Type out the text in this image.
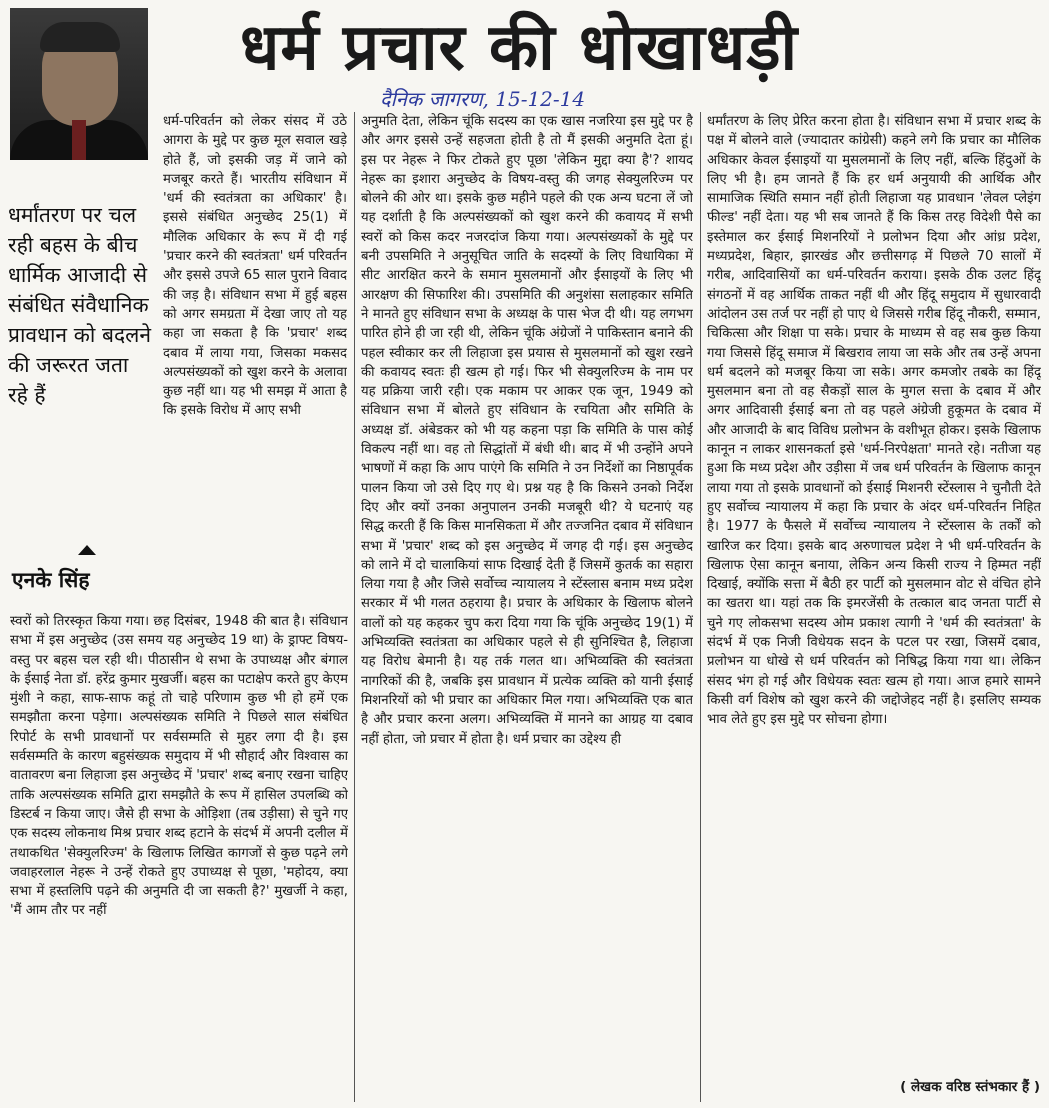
धर्म प्रचार की धोखाधड़ी
दैनिक जागरण, 15-12-14
धर्मांतरण पर चल रही बहस के बीच धार्मिक आजादी से संबंधित संवैधानिक प्रावधान को बदलने की जरूरत जता रहे हैं
एनके सिंह

धर्म-परिवर्तन को लेकर संसद में उठे आगरा के मुद्दे पर कुछ मूल सवाल खड़े होते हैं, जो इसकी जड़ में जाने को मजबूर करते हैं। भारतीय संविधान में 'धर्म की स्वतंत्रता का अधिकार' है। इससे संबंधित अनुच्छेद 25(1) में मौलिक अधिकार के रूप में दी गई 'प्रचार करने की स्वतंत्रता' धर्म परिवर्तन और इससे उपजे 65 साल पुराने विवाद की जड़ है। संविधान सभा में हुई बहस को अगर समग्रता में देखा जाए तो यह कहा जा सकता है कि 'प्रचार' शब्द दबाव में लाया गया, जिसका मकसद अल्पसंख्यकों को खुश करने के अलावा कुछ नहीं था। यह भी समझ में आता है कि इसके विरोध में आए सभी

स्वरों को तिरस्कृत किया गया। छह दिसंबर, 1948 की बात है। संविधान सभा में इस अनुच्छेद (उस समय यह अनुच्छेद 19 था) के ड्राफ्ट विषय-वस्तु पर बहस चल रही थी। पीठासीन थे सभा के उपाध्यक्ष और बंगाल के ईसाई नेता डॉ. हरेंद्र कुमार मुखर्जी। बहस का पटाक्षेप करते हुए केएम मुंशी ने कहा, साफ-साफ कहूं तो चाहे परिणाम कुछ भी हो हमें एक समझौता करना पड़ेगा। अल्पसंख्यक समिति ने पिछले साल संबंधित रिपोर्ट के सभी प्रावधानों पर सर्वसम्मति से मुहर लगा दी है। इस सर्वसम्मति के कारण बहुसंख्यक समुदाय में भी सौहार्द और विश्वास का वातावरण बना लिहाजा इस अनुच्छेद में 'प्रचार' शब्द बनाए रखना चाहिए ताकि अल्पसंख्यक समिति द्वारा समझौते के रूप में हासिल उपलब्धि को डिस्टर्ब न किया जाए। जैसे ही सभा के ओड़िशा (तब उड़ीसा) से चुने गए एक सदस्य लोकनाथ मिश्र प्रचार शब्द हटाने के संदर्भ में अपनी दलील में तथाकथित 'सेक्युलरिज्म' के खिलाफ लिखित कागजों से कुछ पढ़ने लगे जवाहरलाल नेहरू ने उन्हें रोकते हुए उपाध्यक्ष से पूछा, 'महोदय, क्या सभा में हस्तलिपि पढ़ने की अनुमति दी जा सकती है?' मुखर्जी ने कहा, 'मैं आम तौर पर नहीं

अनुमति देता, लेकिन चूंकि सदस्य का एक खास नजरिया इस मुद्दे पर है और अगर इससे उन्हें सहजता होती है तो मैं इसकी अनुमति देता हूं। इस पर नेहरू ने फिर टोकते हुए पूछा 'लेकिन मुद्दा क्या है'? शायद नेहरू का इशारा अनुच्छेद के विषय-वस्तु की जगह सेक्युलरिज्म पर बोलने की ओर था। इसके कुछ महीने पहले की एक अन्य घटना लें जो यह दर्शाती है कि अल्पसंख्यकों को खुश करने की कवायद में सभी स्वरों को किस कदर नजरदांज किया गया। अल्पसंख्यकों के मुद्दे पर बनी उपसमिति ने अनुसूचित जाति के सदस्यों के लिए विधायिका में सीट आरक्षित करने के समान मुसलमानों और ईसाइयों के लिए भी आरक्षण की सिफारिश की। उपसमिति की अनुशंसा सलाहकार समिति ने मानते हुए संविधान सभा के अध्यक्ष के पास भेज दी थी। यह लगभग पारित होने ही जा रही थी, लेकिन चूंकि अंग्रेजों ने पाकिस्तान बनाने की पहल स्वीकार कर ली लिहाजा इस प्रयास से मुसलमानों को खुश रखने की कवायद स्वतः ही खत्म हो गई। फिर भी सेक्युलरिज्म के नाम पर यह प्रक्रिया जारी रही। एक मकाम पर आकर एक जून, 1949 को संविधान सभा में बोलते हुए संविधान के रचयिता और समिति के अध्यक्ष डॉ. अंबेडकर को भी यह कहना पड़ा कि समिति के पास कोई विकल्प नहीं था। वह तो सिद्धांतों में बंधी थी। बाद में भी उन्होंने अपने भाषणों में कहा कि आप पाएंगे कि समिति ने उन निर्देशों का निष्ठापूर्वक पालन किया जो उसे दिए गए थे। प्रश्न यह है कि किसने उनको निर्देश दिए और क्यों उनका अनुपालन उनकी मजबूरी थी? ये घटनाएं यह सिद्ध करती हैं कि किस मानसिकता में और तज्जनित दबाव में संविधान सभा में 'प्रचार' शब्द को इस अनुच्छेद में जगह दी गई। इस अनुच्छेद को लाने में दो चालाकियां साफ दिखाई देती हैं जिसमें कुतर्क का सहारा लिया गया है और जिसे सर्वोच्च न्यायालय ने स्टेंस्लास बनाम मध्य प्रदेश सरकार में भी गलत ठहराया है। प्रचार के अधिकार के खिलाफ बोलने वालों को यह कहकर चुप करा दिया गया कि चूंकि अनुच्छेद 19(1) में अभिव्यक्ति स्वतंत्रता का अधिकार पहले से ही सुनिश्चित है, लिहाजा यह विरोध बेमानी है। यह तर्क गलत था। अभिव्यक्ति की स्वतंत्रता नागरिकों की है, जबकि इस प्रावधान में प्रत्येक व्यक्ति को यानी ईसाई मिशनरियों को भी प्रचार का अधिकार मिल गया। अभिव्यक्ति एक बात है और प्रचार करना अलग। अभिव्यक्ति में मानने का आग्रह या दबाव नहीं होता, जो प्रचार में होता है। धर्म प्रचार का उद्देश्य ही

धर्मांतरण के लिए प्रेरित करना होता है। संविधान सभा में प्रचार शब्द के पक्ष में बोलने वाले (ज्यादातर कांग्रेसी) कहने लगे कि प्रचार का मौलिक अधिकार केवल ईसाइयों या मुसलमानों के लिए नहीं, बल्कि हिंदुओं के लिए भी है। हम जानते हैं कि हर धर्म अनुयायी की आर्थिक और सामाजिक स्थिति समान नहीं होती लिहाजा यह प्रावधान 'लेवल प्लेइंग फील्ड' नहीं देता। यह भी सब जानते हैं कि किस तरह विदेशी पैसे का इस्तेमाल कर ईसाई मिशनरियों ने प्रलोभन दिया और आंध्र प्रदेश, मध्यप्रदेश, बिहार, झारखंड और छत्तीसगढ़ में पिछले 70 सालों में गरीब, आदिवासियों का धर्म-परिवर्तन कराया। इसके ठीक उलट हिंदू संगठनों में वह आर्थिक ताकत नहीं थी और हिंदू समुदाय में सुधारवादी आंदोलन उस तर्ज पर नहीं हो पाए थे जिससे गरीब हिंदू नौकरी, सम्मान, चिकित्सा और शिक्षा पा सके। प्रचार के माध्यम से वह सब कुछ किया गया जिससे हिंदू समाज में बिखराव लाया जा सके और तब उन्हें अपना धर्म बदलने को मजबूर किया जा सके। अगर कमजोर तबके का हिंदू मुसलमान बना तो वह सैकड़ों साल के मुगल सत्ता के दबाव में और अगर आदिवासी ईसाई बना तो वह पहले अंग्रेजी हुकूमत के दबाव में और आजादी के बाद विविध प्रलोभन के वशीभूत होकर। इसके खिलाफ कानून न लाकर शासनकर्ता इसे 'धर्म-निरपेक्षता' मानते रहे। नतीजा यह हुआ कि मध्य प्रदेश और उड़ीसा में जब धर्म परिवर्तन के खिलाफ कानून लाया गया तो इसके प्रावधानों को ईसाई मिशनरी स्टेंस्लास ने चुनौती देते हुए सर्वोच्च न्यायालय में कहा कि प्रचार के अंदर धर्म-परिवर्तन निहित है। 1977 के फैसले में सर्वोच्च न्यायालय ने स्टेंस्लास के तर्कों को खारिज कर दिया। इसके बाद अरुणाचल प्रदेश ने भी धर्म-परिवर्तन के खिलाफ ऐसा कानून बनाया, लेकिन अन्य किसी राज्य ने हिम्मत नहीं दिखाई, क्योंकि सत्ता में बैठी हर पार्टी को मुसलमान वोट से वंचित होने का खतरा था। यहां तक कि इमरजेंसी के तत्काल बाद जनता पार्टी से चुने गए लोकसभा सदस्य ओम प्रकाश त्यागी ने 'धर्म की स्वतंत्रता' के संदर्भ में एक निजी विधेयक सदन के पटल पर रखा, जिसमें दबाव, प्रलोभन या धोखे से धर्म परिवर्तन को निषिद्ध किया गया था। लेकिन संसद भंग हो गई और विधेयक स्वतः खत्म हो गया। आज हमारे सामने किसी वर्ग विशेष को खुश करने की जद्दोजेहद नहीं है। इसलिए सम्यक भाव लेते हुए इस मुद्दे पर सोचना होगा।

( लेखक वरिष्ठ स्तंभकार हैं )
